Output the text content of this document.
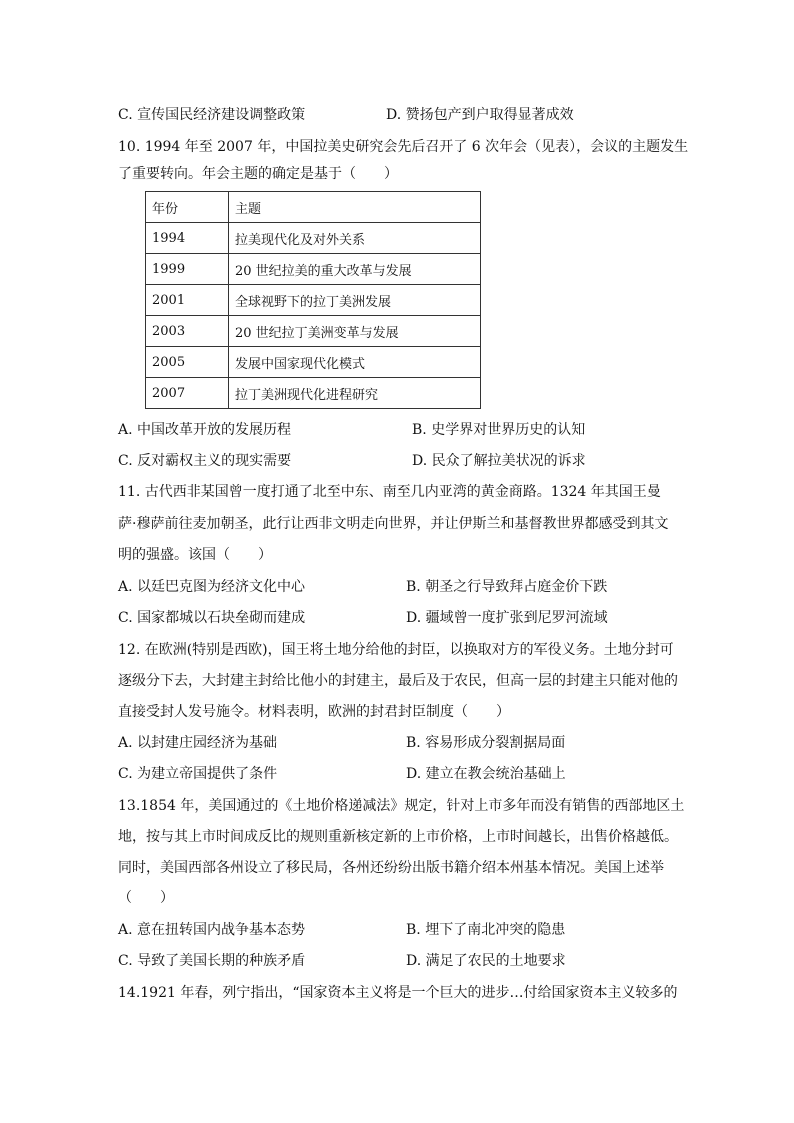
C. 宣传国民经济建设调整政策	D. 赞扬包产到户取得显著成效
10. 1994 年至 2007 年，中国拉美史研究会先后召开了 6 次年会（见表），会议的主题发生
了重要转向。年会主题的确定是基于（　　）
年份	主题
1994	拉美现代化及对外关系
1999	20 世纪拉美的重大改革与发展
2001	全球视野下的拉丁美洲发展
2003	20 世纪拉丁美洲变革与发展
2005	发展中国家现代化模式
2007	拉丁美洲现代化进程研究
A. 中国改革开放的发展历程	B. 史学界对世界历史的认知
C. 反对霸权主义的现实需要	D. 民众了解拉美状况的诉求
11. 古代西非某国曾一度打通了北至中东、南至几内亚湾的黄金商路。1324 年其国王曼
萨·穆萨前往麦加朝圣，此行让西非文明走向世界，并让伊斯兰和基督教世界都感受到其文
明的强盛。该国（　　）
A. 以廷巴克图为经济文化中心	B. 朝圣之行导致拜占庭金价下跌
C. 国家都城以石块垒砌而建成	D. 疆域曾一度扩张到尼罗河流域
12. 在欧洲(特别是西欧)，国王将土地分给他的封臣，以换取对方的军役义务。土地分封可
逐级分下去，大封建主封给比他小的封建主，最后及于农民，但高一层的封建主只能对他的
直接受封人发号施令。材料表明，欧洲的封君封臣制度（　　）
A. 以封建庄园经济为基础	B. 容易形成分裂割据局面
C. 为建立帝国提供了条件	D. 建立在教会统治基础上
13.1854 年，美国通过的《土地价格递减法》规定，针对上市多年而没有销售的西部地区土
地，按与其上市时间成反比的规则重新核定新的上市价格，上市时间越长，出售价格越低。
同时，美国西部各州设立了移民局，各州还纷纷出版书籍介绍本州基本情况。美国上述举
（　　）
A. 意在扭转国内战争基本态势	B. 埋下了南北冲突的隐患
C. 导致了美国长期的种族矛盾	D. 满足了农民的土地要求
14.1921 年春，列宁指出，“国家资本主义将是一个巨大的进步…付给国家资本主义较多的
